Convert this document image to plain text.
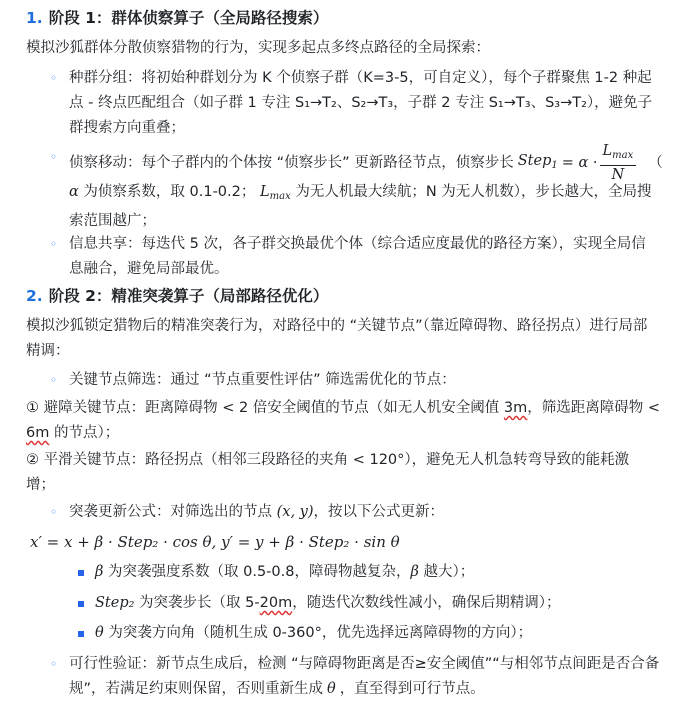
1. 阶段 1：群体侦察算子（全局路径搜索）
模拟沙狐群体分散侦察猎物的行为，实现多起点多终点路径的全局探索：
◦ 种群分组：将初始种群划分为 K 个侦察子群（K=3-5，可自定义），每个子群聚焦 1-2 种起
点 - 终点匹配组合（如子群 1 专注 S₁→T₂、S₂→T₃，子群 2 专注 S₁→T₃、S₃→T₂），避免子
群搜索方向重叠；
◦ 侦察移动：每个子群内的个体按 “侦察步长” 更新路径节点，侦察步长 Step$_1$ = $\alpha \cdot \frac{L_{max}}{N}$ （
α 为侦察系数，取 0.1-0.2； $L_{max}$ 为无人机最大续航；N 为无人机数），步长越大，全局搜
索范围越广；
◦ 信息共享：每迭代 5 次，各子群交换最优个体（综合适应度最优的路径方案），实现全局信
息融合，避免局部最优。
2. 阶段 2：精准突袭算子（局部路径优化）
模拟沙狐锁定猎物后的精准突袭行为，对路径中的 “关键节点”（靠近障碍物、路径拐点）进行局部
精调：
◦ 关键节点筛选：通过 “节点重要性评估” 筛选需优化的节点：
① 避障关键节点：距离障碍物 < 2 倍安全阈值的节点（如无人机安全阈值 3m，筛选距离障碍物 <
6m 的节点）；
② 平滑关键节点：路径拐点（相邻三段路径的夹角 < 120°），避免无人机急转弯导致的能耗激
增；
◦ 突袭更新公式：对筛选出的节点 (x, y)，按以下公式更新：
x′ = x + β · Step₂ · cos θ, y′ = y + β · Step₂ · sin θ
β 为突袭强度系数（取 0.5-0.8，障碍物越复杂，β 越大）；
Step₂ 为突袭步长（取 5-20m，随迭代次数线性减小，确保后期精调）；
θ 为突袭方向角（随机生成 0-360°，优先选择远离障碍物的方向）；
◦ 可行性验证：新节点生成后，检测 “与障碍物距离是否≥安全阈值”“与相邻节点间距是否合备
规”，若满足约束则保留，否则重新生成 θ ，直至得到可行节点。
